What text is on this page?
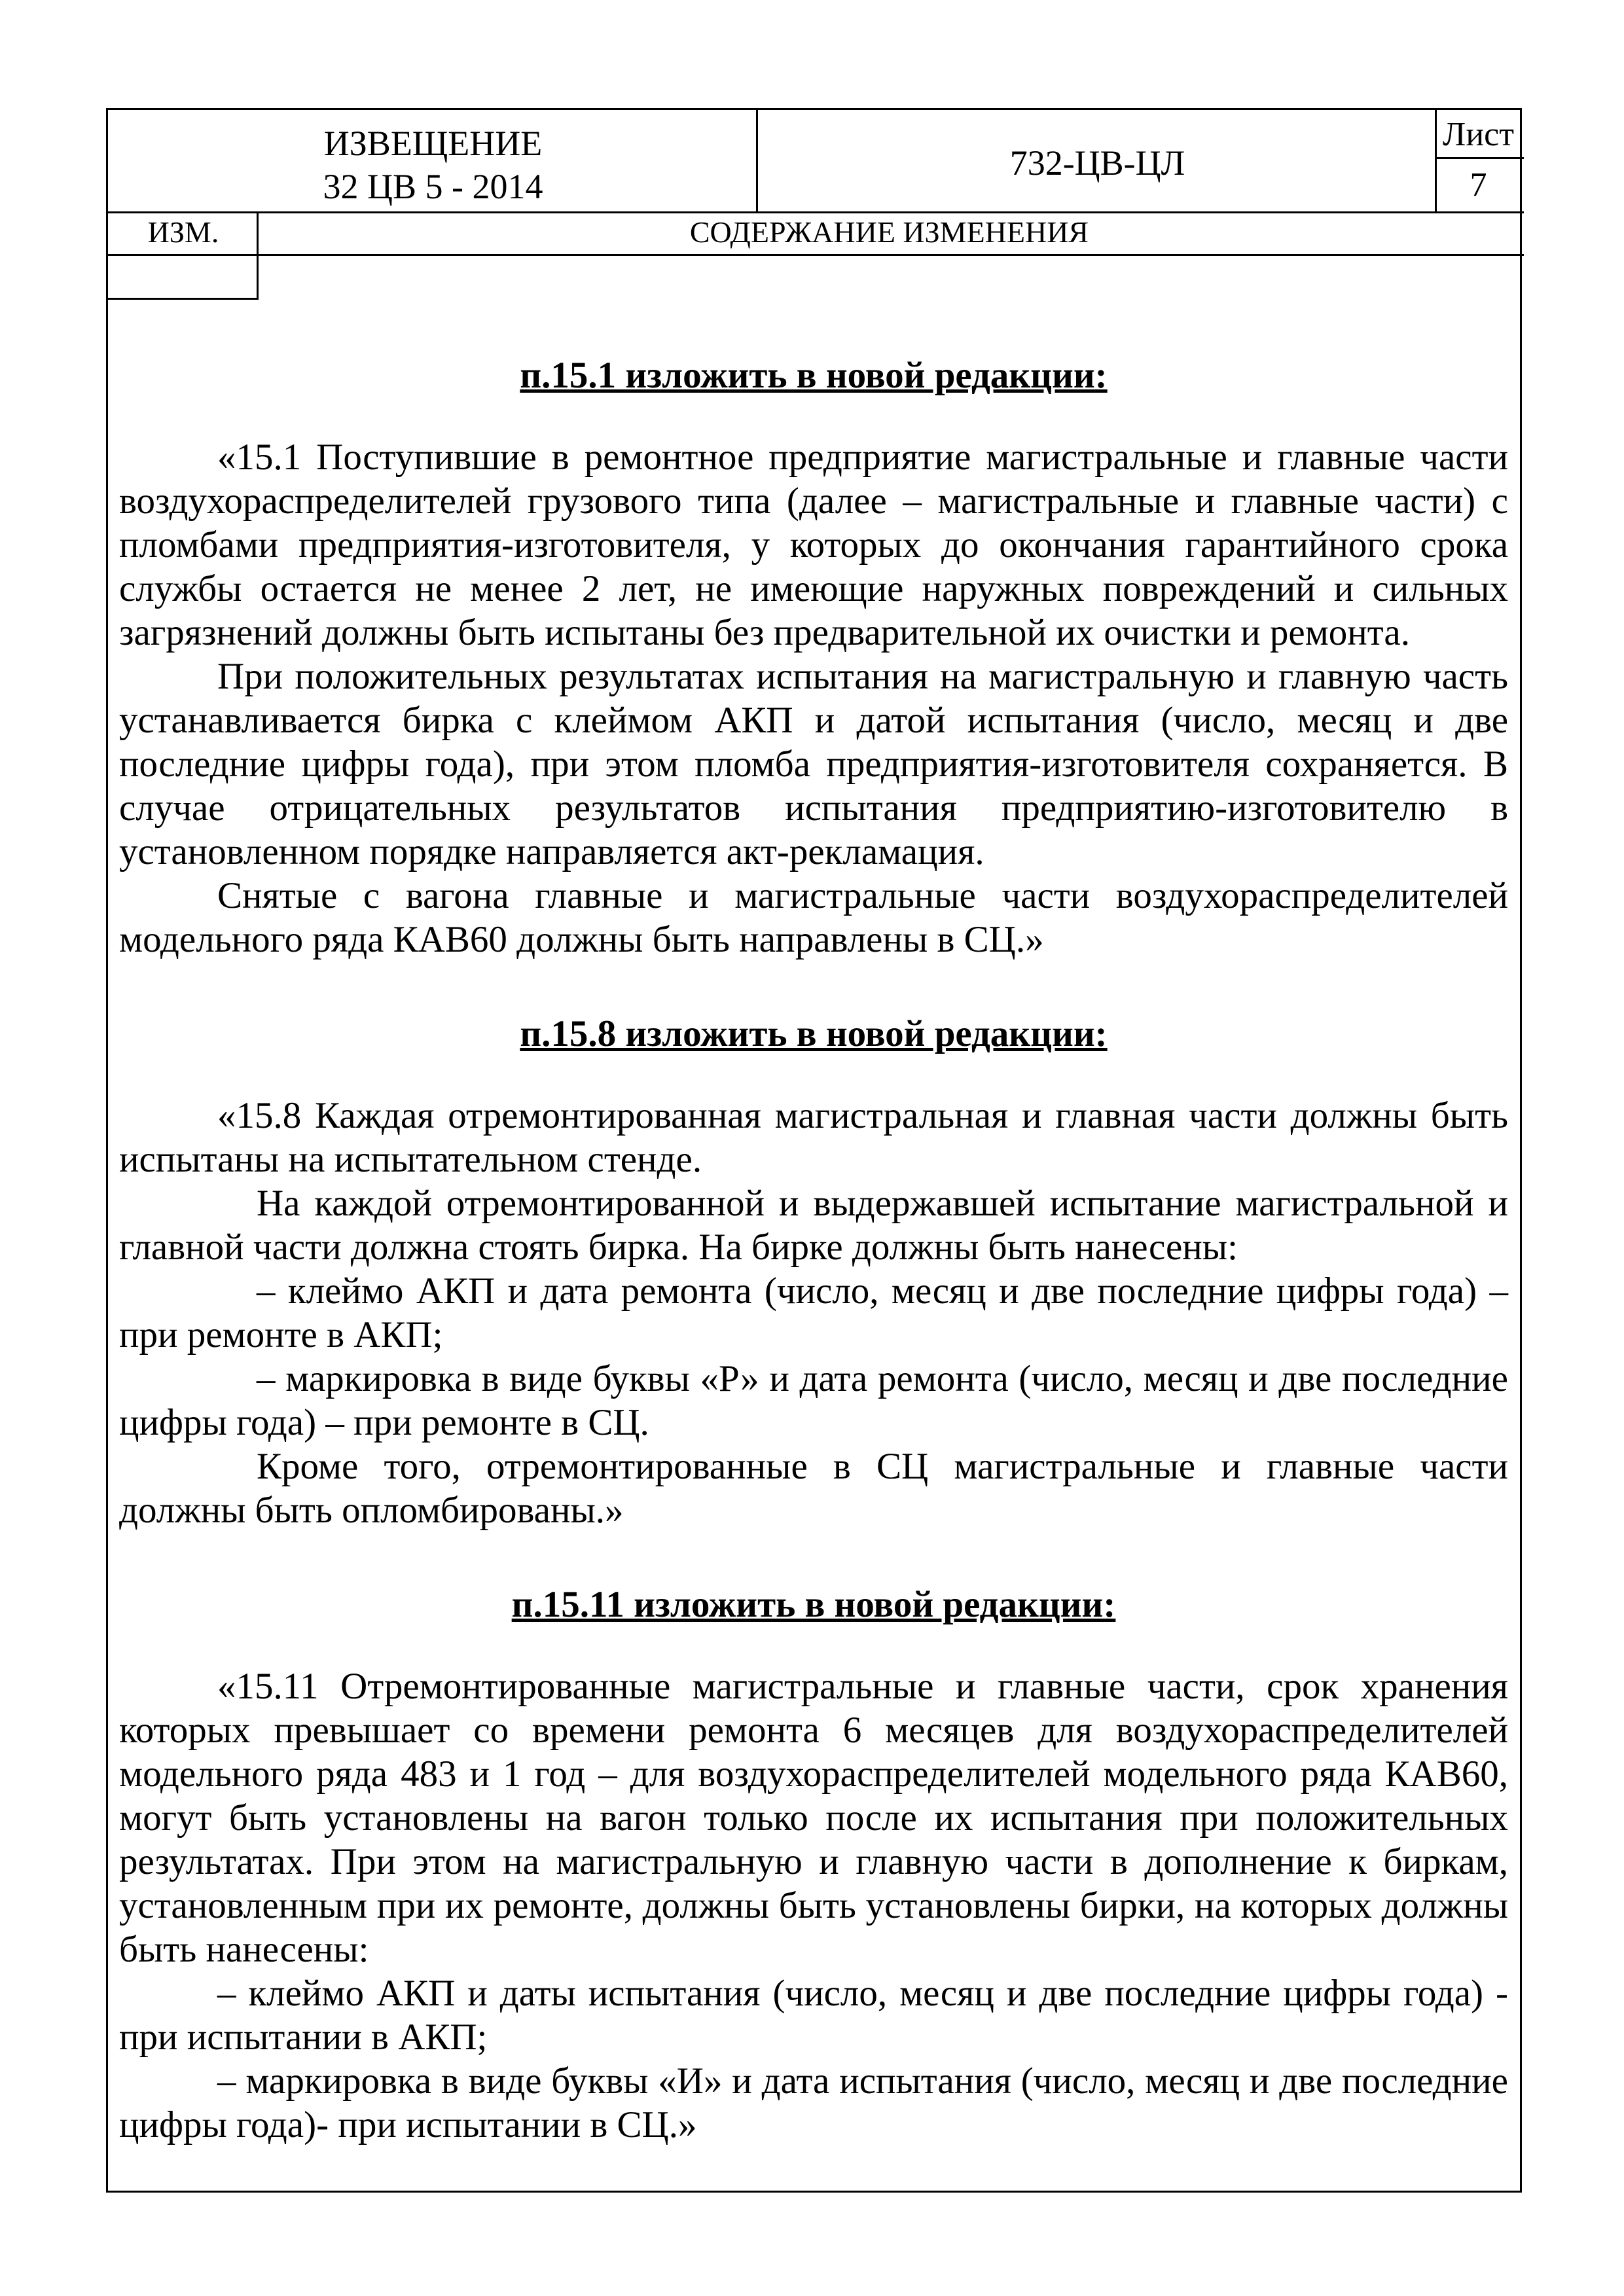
ИЗВЕЩЕНИЕ
32 ЦВ 5 - 2014
732-ЦВ-ЦЛ
Лист
7
ИЗМ.	СОДЕРЖАНИЕ ИЗМЕНЕНИЯ

п.15.1 изложить в новой редакции:

«15.1 Поступившие в ремонтное предприятие магистральные и главные части воздухораспределителей грузового типа (далее – магистральные и главные части) с пломбами предприятия-изготовителя, у которых до окончания гарантийного срока службы остается не менее 2 лет, не имеющие наружных повреждений и сильных загрязнений должны быть испытаны без предварительной их очистки и ремонта.

При положительных результатах испытания на магистральную и главную часть устанавливается бирка с клеймом АКП и датой испытания (число, месяц и две последние цифры года), при этом пломба предприятия-изготовителя сохраняется. В случае отрицательных результатов испытания предприятию-изготовителю в установленном порядке направляется акт-рекламация.

Снятые с вагона главные и магистральные части воздухораспределителей модельного ряда КАВ60 должны быть направлены в СЦ.»

п.15.8 изложить в новой редакции:

«15.8 Каждая отремонтированная магистральная и главная части должны быть испытаны на испытательном стенде.

На каждой отремонтированной и выдержавшей испытание магистральной и главной части должна стоять бирка. На бирке должны быть нанесены:

– клеймо АКП и дата ремонта (число, месяц и две последние цифры года) – при ремонте в АКП;

– маркировка в виде буквы «Р» и дата ремонта (число, месяц и две последние цифры года) – при ремонте в СЦ.

Кроме того, отремонтированные в СЦ магистральные и главные части должны быть опломбированы.»

п.15.11 изложить в новой редакции:

«15.11 Отремонтированные магистральные и главные части, срок хранения которых превышает со времени ремонта 6 месяцев для воздухораспределителей модельного ряда 483 и 1 год – для воздухораспределителей модельного ряда КАВ60, могут быть установлены на вагон только после их испытания при положительных результатах. При этом на магистральную и главную части в дополнение к биркам, установленным при их ремонте, должны быть установлены бирки, на которых должны быть нанесены:

– клеймо АКП и даты испытания (число, месяц и две последние цифры года) - при испытании в АКП;

– маркировка в виде буквы «И» и дата испытания (число, месяц и две последние цифры года)- при испытании в СЦ.»
